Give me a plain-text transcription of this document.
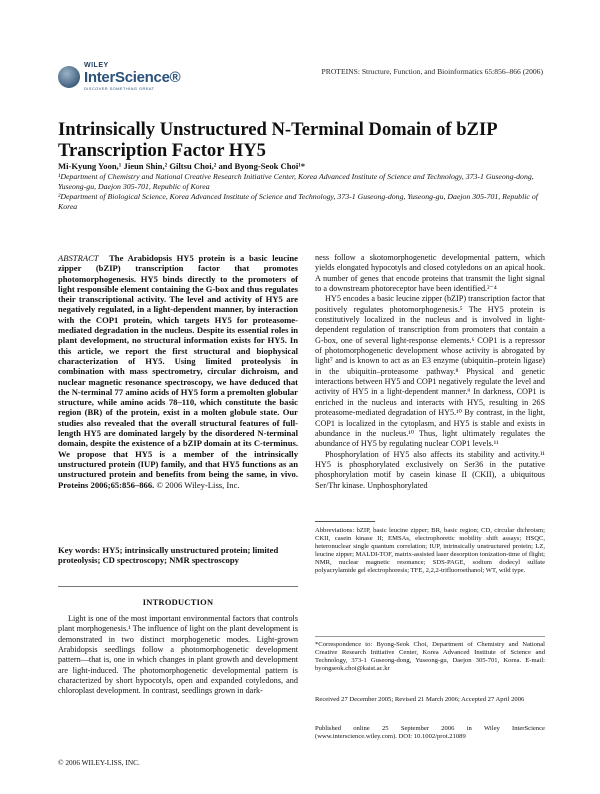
WILEY
InterScience®
DISCOVER SOMETHING GREAT
PROTEINS: Structure, Function, and Bioinformatics 65:856–866 (2006)
Intrinsically Unstructured N-Terminal Domain of bZIP
Transcription Factor HY5
Mi-Kyung Yoon,¹ Jieun Shin,² Giltsu Choi,² and Byong-Seok Choi¹*
¹Department of Chemistry and National Creative Research Initiative Center, Korea Advanced Institute of Science and Technology, 373-1 Guseong-dong, Yuseong-gu, Daejon 305-701, Republic of Korea
²Department of Biological Science, Korea Advanced Institute of Science and Technology, 373-1 Guseong-dong, Yuseong-gu, Daejon 305-701, Republic of Korea
ABSTRACT The Arabidopsis HY5 protein is a basic leucine zipper (bZIP) transcription factor that promotes photomorphogenesis. HY5 binds directly to the promoters of light responsible element containing the G-box and thus regulates their transcriptional activity. The level and activity of HY5 are negatively regulated, in a light-dependent manner, by interaction with the COP1 protein, which targets HY5 for proteasome-mediated degradation in the nucleus. Despite its essential roles in plant development, no structural information exists for HY5. In this article, we report the first structural and biophysical characterization of HY5. Using limited proteolysis in combination with mass spectrometry, circular dichroism, and nuclear magnetic resonance spectroscopy, we have deduced that the N-terminal 77 amino acids of HY5 form a premolten globular structure, while amino acids 78–110, which constitute the basic region (BR) of the protein, exist in a molten globule state. Our studies also revealed that the overall structural features of full-length HY5 are dominated largely by the disordered N-terminal domain, despite the existence of a bZIP domain at its C-terminus. We propose that HY5 is a member of the intrinsically unstructured protein (IUP) family, and that HY5 functions as an unstructured protein and benefits from being the same, in vivo. Proteins 2006;65:856–866. © 2006 Wiley-Liss, Inc.
Key words: HY5; intrinsically unstructured protein; limited proteolysis; CD spectroscopy; NMR spectroscopy
INTRODUCTION

Light is one of the most important environmental factors that controls plant morphogenesis.¹ The influence of light on the plant development is demonstrated in two distinct morphogenetic modes. Light-grown Arabidopsis seedlings follow a photomorphogenetic development pattern—that is, one in which changes in plant growth and development are light-induced. The photomorphogenetic developmental pattern is characterized by short hypocotyls, open and expanded cotyledons, and chloroplast development. In contrast, seedlings grown in dark-

© 2006 WILEY-LISS, INC.

ness follow a skotomorphogenetic developmental pattern, which yields elongated hypocotyls and closed cotyledons on an apical hook. A number of genes that encode proteins that transmit the light signal to a downstream photoreceptor have been identified.²⁻⁴

HY5 encodes a basic leucine zipper (bZIP) transcription factor that positively regulates photomorphogenesis.⁵ The HY5 protein is constitutively localized in the nucleus and is involved in light-dependent regulation of transcription from promoters that contain a G-box, one of several light-response elements.⁶ COP1 is a repressor of photomorphogenetic development whose activity is abrogated by light⁷ and is known to act as an E3 enzyme (ubiquitin–protein ligase) in the ubiquitin–proteasome pathway.⁸ Physical and genetic interactions between HY5 and COP1 negatively regulate the level and activity of HY5 in a light-dependent manner.⁹ In darkness, COP1 is enriched in the nucleus and interacts with HY5, resulting in 26S proteasome-mediated degradation of HY5.¹⁰ By contrast, in the light, COP1 is localized in the cytoplasm, and HY5 is stable and exists in abundance in the nucleus.¹⁰ Thus, light ultimately regulates the abundance of HY5 by regulating nuclear COP1 levels.¹¹

Phosphorylation of HY5 also affects its stability and activity.¹¹ HY5 is phosphorylated exclusively on Ser36 in the putative phosphorylation motif by casein kinase II (CKII), a ubiquitous Ser/Thr kinase. Unphosphorylated

Abbreviations: bZIP, basic leucine zipper; BR, basic region; CD, circular dichroism; CKII, casein kinase II; EMSAs, electrophoretic mobility shift assays; HSQC, heteronuclear single quantum correlation; IUP, intrinsically unstructured protein; LZ, leucine zipper; MALDI-TOF, matrix-assisted laser desorption ionization-time of flight; NMR, nuclear magnetic resonance; SDS-PAGE, sodium dodecyl sulfate polyacrylamide gel electrophoresis; TFE, 2,2,2-trifluoroethanol; WT, wild type.
*Correspondence to: Byong-Seok Choi, Department of Chemistry and National Creative Research Initiative Center, Korea Advanced Institute of Science and Technology, 373-1 Guseong-dong, Yuseong-gu, Daejon 305-701, Korea. E-mail: byongseok.choi@kaist.ac.kr
Received 27 December 2005; Revised 21 March 2006; Accepted 27 April 2006
Published online 25 September 2006 in Wiley InterScience (www.interscience.wiley.com). DOI: 10.1002/prot.21089
